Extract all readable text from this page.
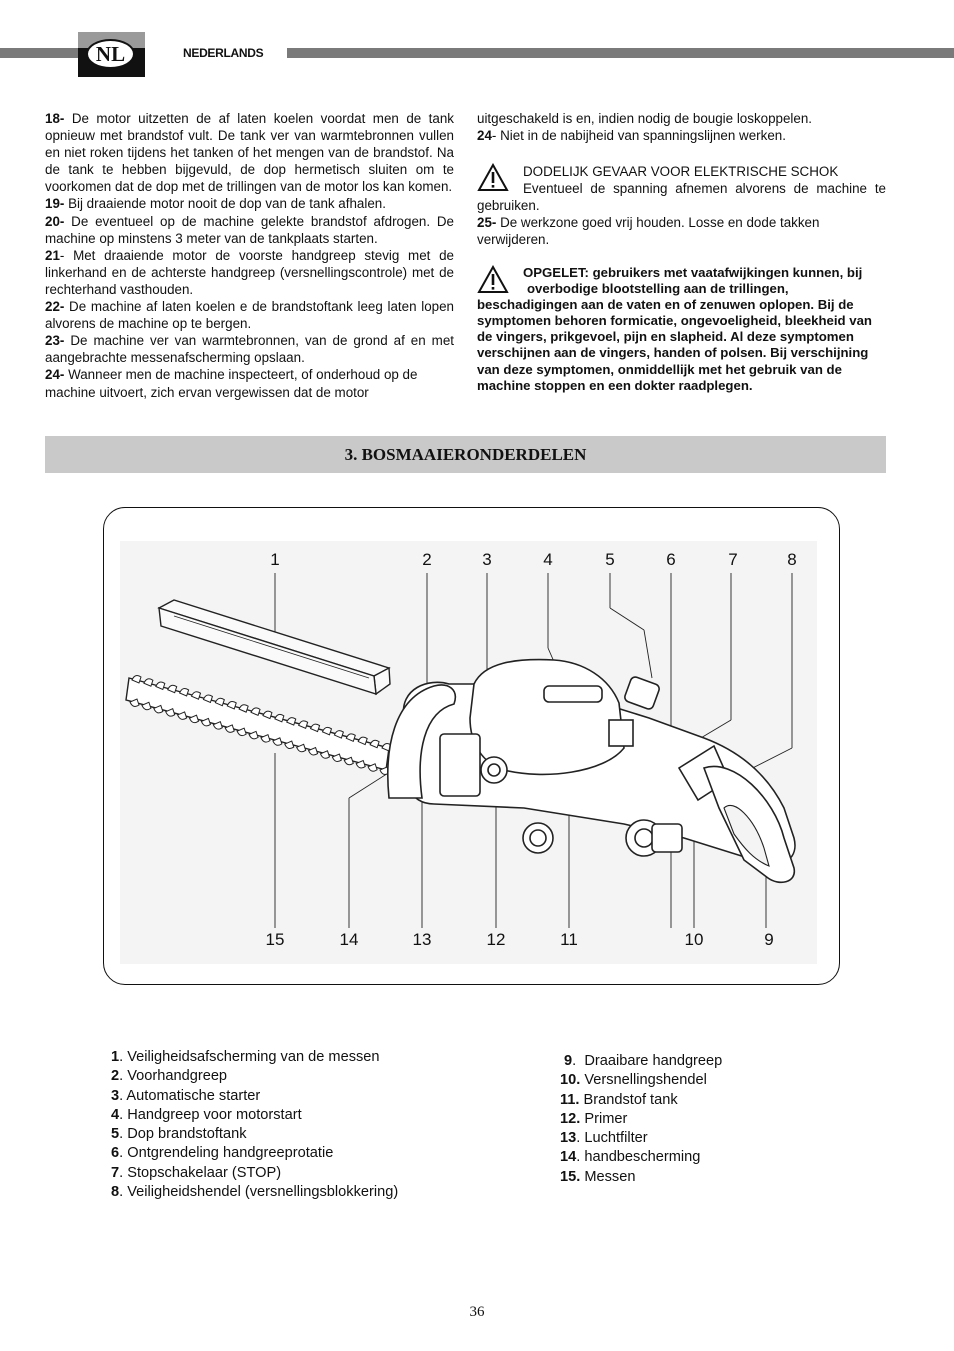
NL	NEDERLANDS

18- De motor uitzetten de af laten koelen voordat men de tank opnieuw met brandstof vult. De tank ver van warmtebronnen vullen en niet roken tijdens het tanken of het mengen van de brandstof. Na de tank te hebben bijgevuld, de dop hermetisch sluiten om te voorkomen dat de dop met de trillingen van de motor los kan komen.

19- Bij draaiende motor nooit de dop van de tank afhalen.

20- De eventueel op de machine gelekte brandstof afdrogen. De machine op minstens 3 meter van de tankplaats starten.

21- Met draaiende motor de voorste handgreep stevig met de linkerhand en de achterste handgreep (versnellingscontrole) met de rechterhand vasthouden.

22- De machine af laten koelen e de brandstoftank leeg laten lopen alvorens de machine op te bergen.

23- De machine ver van warmtebronnen, van de grond af en met aangebrachte messenafscherming opslaan.

24- Wanneer men de machine inspecteert, of onderhoud op de machine uitvoert, zich ervan vergewissen dat de motor

uitgeschakeld is en, indien nodig de bougie loskoppelen.

24- Niet in de nabijheid van spanningslijnen werken.

DODELIJK GEVAAR VOOR ELEKTRISCHE SCHOK

Eventueel de spanning afnemen alvorens de machine te gebruiken.

25- De werkzone goed vrij houden. Losse en dode takken verwijderen.

OPGELET: gebruikers met vaatafwijkingen kunnen, bij

overbodige blootstelling aan de trillingen,

beschadigingen aan de vaten en of zenuwen oplopen. Bij de symptomen behoren formicatie, ongevoeligheid, bleekheid van de vingers, prikgevoel, pijn en slapheid. Al deze symptomen verschijnen aan de vingers, handen of polsen. Bij verschijning van deze symptomen, onmiddellijk met het gebruik van de machine stoppen en een dokter raadplegen.

3. BOSMAAIERONDERDELEN
1	2	3	4	5	6	7	8
15	14	13	12	11	10	9
1. Veiligheidsafscherming van de messen
2. Voorhandgreep
3. Automatische starter
4. Handgreep voor motorstart
5. Dop brandstoftank
6. Ontgrendeling handgreeprotatie
7. Stopschakelaar (STOP)
8. Veiligheidshendel (versnellingsblokkering)
9.  Draaibare handgreep
10. Versnellingshendel
11. Brandstof tank
12. Primer
13. Luchtfilter
14. handbescherming
15. Messen
36
